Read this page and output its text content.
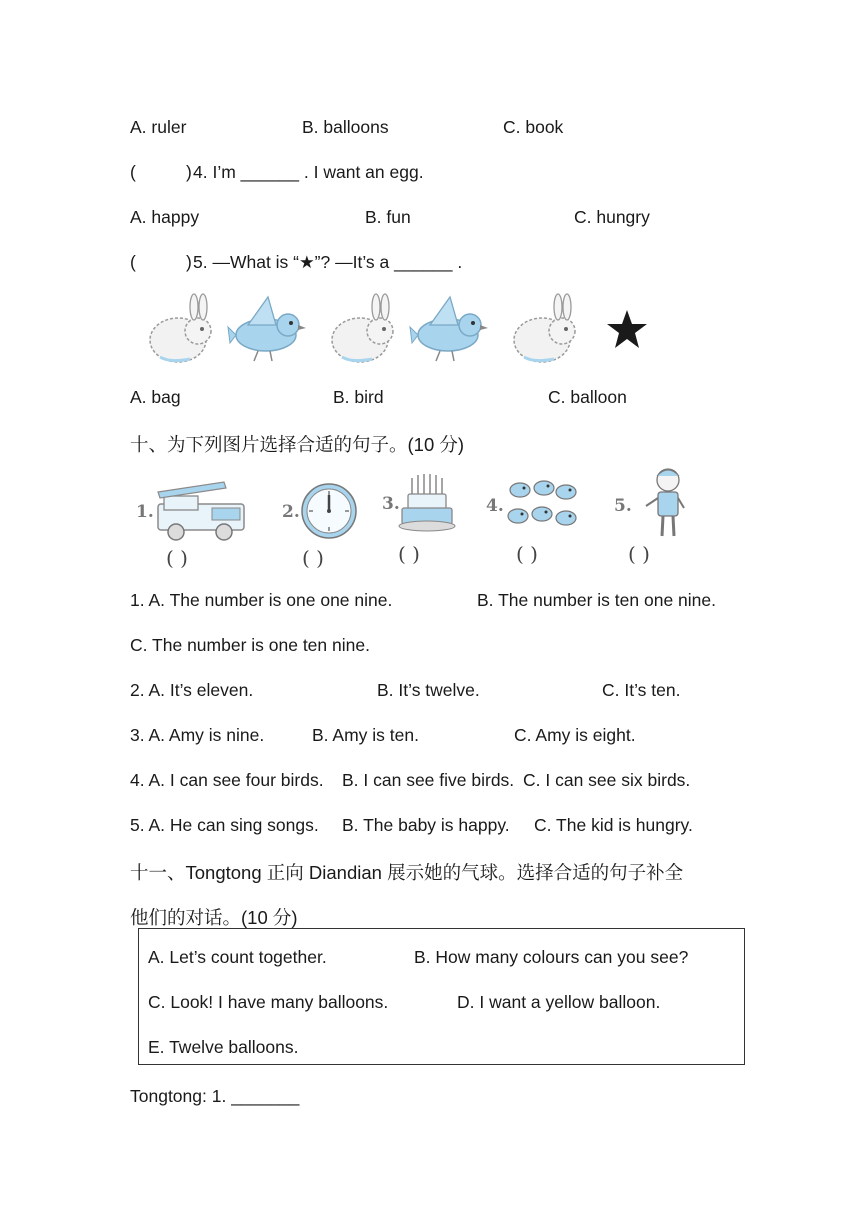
A. ruler	B. balloons	C. book
(	) 4. I’m ______ . I want an egg.
A. happy	B. fun	C. hungry
(	) 5. —What is “★”? —It’s a ______ .
A. bag	B. bird	C. balloon
十、为下列图片选择合适的句子。(10 分)
1.
( )
2.
( )
3.
( )
4.
( )
5.
( )
1. A. The number is one one nine.	B. The number is ten one nine.
C. The number is one ten nine.
2. A. It’s eleven.	B. It’s twelve.	C. It’s ten.
3. A. Amy is nine.	B. Amy is ten.	C. Amy is eight.
4. A. I can see four birds. B. I can see five birds. C. I can see six birds.
5. A. He can sing songs. B. The baby is happy. C. The kid is hungry.
十一、Tongtong 正向 Diandian 展示她的气球。选择合适的句子补全
他们的对话。(10 分)
A. Let’s count together.	B. How many colours can you see?
C. Look! I have many balloons.	D. I want a yellow balloon.
E. Twelve balloons.
Tongtong: 1. _______
